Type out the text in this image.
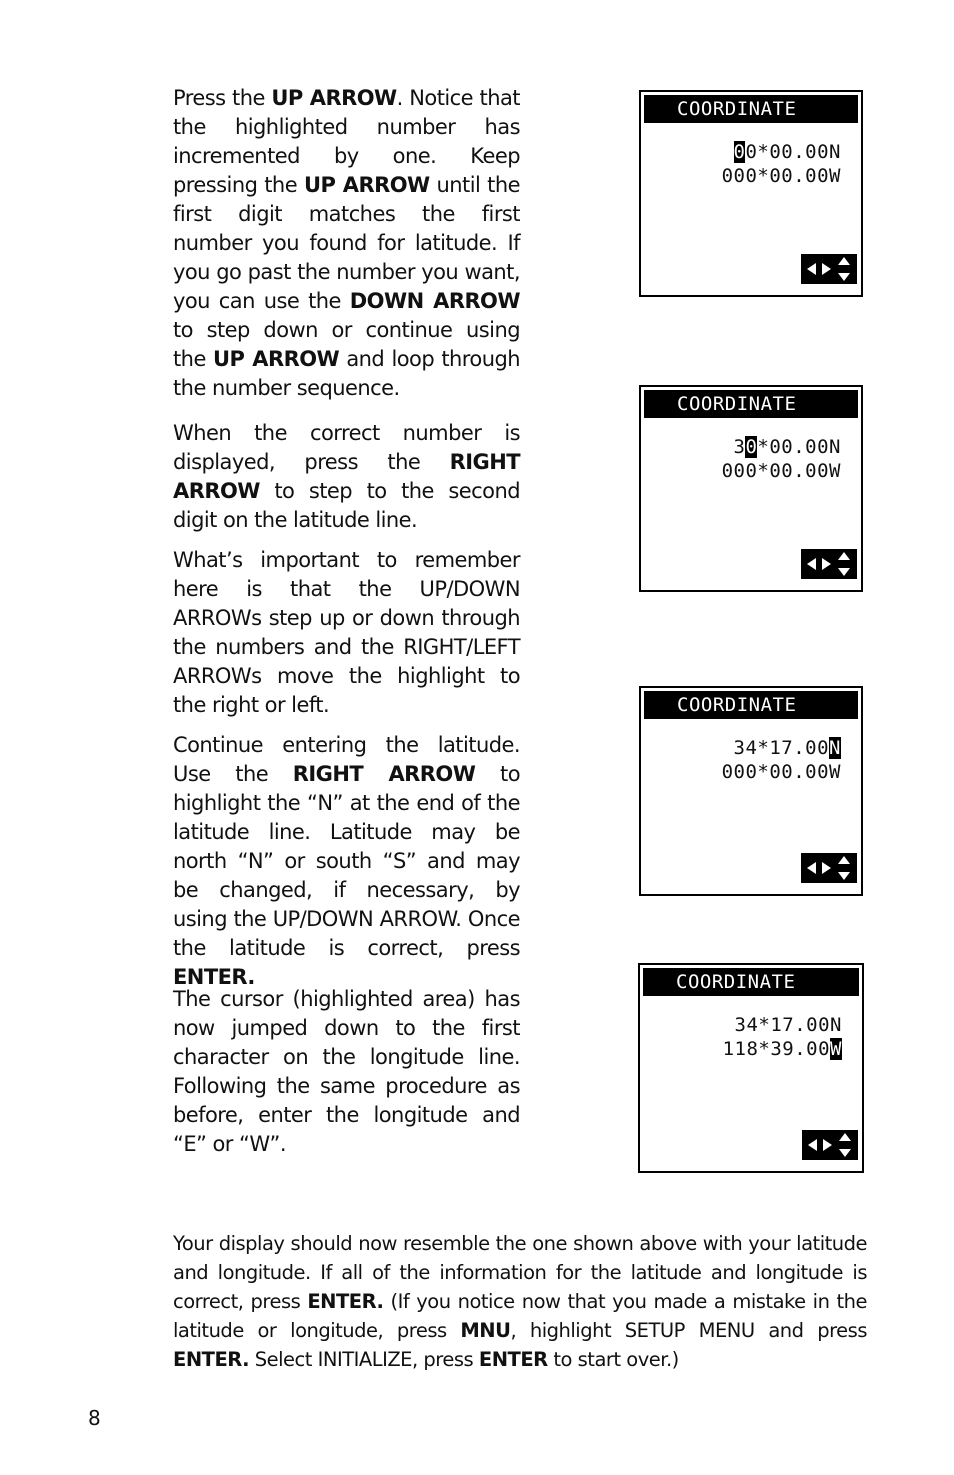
Press the UP ARROW. Notice that the highlighted number has incremented by one. Keep pressing the UP ARROW until the first digit matches the first number you found for latitude. If you go past the number you want, you can use the DOWN ARROW to step down or continue using the UP ARROW and loop through the number sequence.

When the correct number is displayed, press the RIGHT ARROW to step to the second digit on the latitude line.

What’s important to remember here is that the UP/DOWN ARROWs step up or down through the numbers and the RIGHT/LEFT ARROWs move the highlight to the right or left.

Continue entering the latitude. Use the RIGHT ARROW to highlight the “N” at the end of the latitude line. Latitude may be north “N” or south “S” and may be changed, if necessary, by using the UP/DOWN ARROW. Once the latitude is correct, press ENTER.

The cursor (highlighted area) has now jumped down to the first character on the longitude line. Following the same procedure as before, enter the longitude and “E” or “W”.

COORDINATE
00*00.00N
000*00.00W
COORDINATE
30*00.00N
000*00.00W
COORDINATE
34*17.00N
000*00.00W
COORDINATE
34*17.00N
118*39.00W

Your display should now resemble the one shown above with your latitude and longitude. If all of the information for the latitude and longitude is correct, press ENTER. (If you notice now that you made a mistake in the latitude or longitude, press MNU, highlight SETUP MENU and press ENTER. Select INITIALIZE, press ENTER to start over.)

8
